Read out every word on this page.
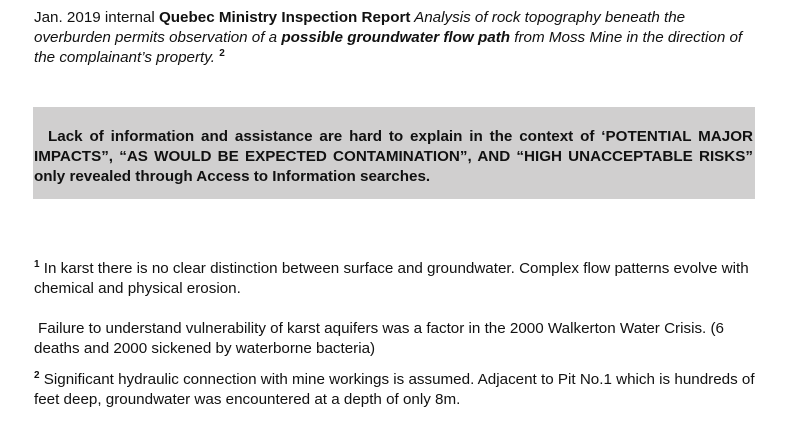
Jan. 2019 internal Quebec Ministry Inspection Report Analysis of rock topography beneath the overburden permits observation of a possible groundwater flow path from Moss Mine in the direction of the complainant’s property. $^2$

Lack of information and assistance are hard to explain in the context of ‘POTENTIAL MAJOR IMPACTS”, “AS WOULD BE EXPECTED CONTAMINATION”, AND “HIGH UNACCEPTABLE RISKS” only revealed through Access to Information searches.

$^1$ In karst there is no clear distinction between surface and groundwater. Complex flow patterns evolve with chemical and physical erosion.

Failure to understand vulnerability of karst aquifers was a factor in the 2000 Walkerton Water Crisis. (6 deaths and 2000 sickened by waterborne bacteria)

$^2$ Significant hydraulic connection with mine workings is assumed. Adjacent to Pit No.1 which is hundreds of feet deep, groundwater was encountered at a depth of only 8m.
